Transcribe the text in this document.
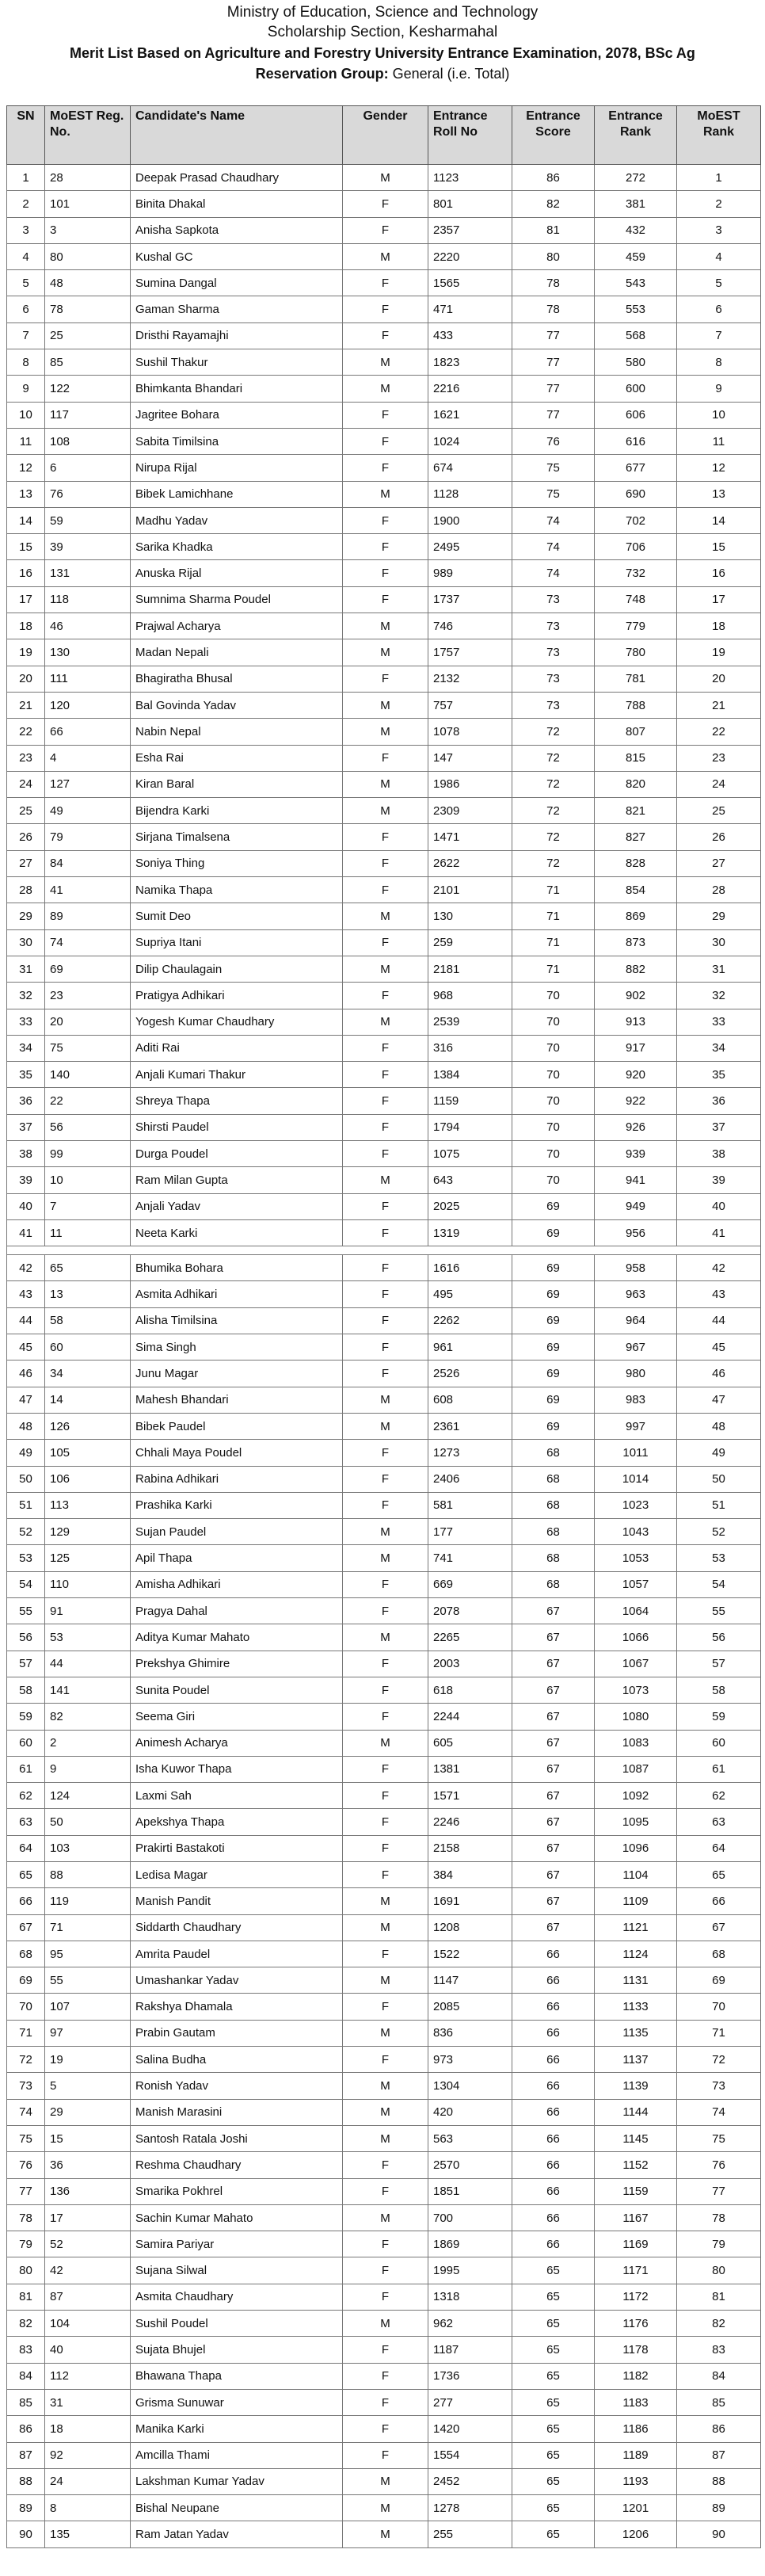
Ministry of Education, Science and Technology
Scholarship Section, Kesharmahal
Merit List Based on Agriculture and Forestry University Entrance Examination, 2078, BSc Ag
Reservation Group: General (i.e. Total)
SN	MoEST Reg. No.	Candidate's Name	Gender	Entrance Roll No	Entrance Score	Entrance Rank	MoEST Rank
1	28	Deepak Prasad Chaudhary	M	1123	86	272	1
2	101	Binita Dhakal	F	801	82	381	2
3	3	Anisha Sapkota	F	2357	81	432	3
4	80	Kushal GC	M	2220	80	459	4
5	48	Sumina Dangal	F	1565	78	543	5
6	78	Gaman Sharma	F	471	78	553	6
7	25	Dristhi Rayamajhi	F	433	77	568	7
8	85	Sushil Thakur	M	1823	77	580	8
9	122	Bhimkanta Bhandari	M	2216	77	600	9
10	117	Jagritee Bohara	F	1621	77	606	10
11	108	Sabita Timilsina	F	1024	76	616	11
12	6	Nirupa Rijal	F	674	75	677	12
13	76	Bibek Lamichhane	M	1128	75	690	13
14	59	Madhu Yadav	F	1900	74	702	14
15	39	Sarika Khadka	F	2495	74	706	15
16	131	Anuska Rijal	F	989	74	732	16
17	118	Sumnima Sharma Poudel	F	1737	73	748	17
18	46	Prajwal Acharya	M	746	73	779	18
19	130	Madan Nepali	M	1757	73	780	19
20	111	Bhagiratha Bhusal	F	2132	73	781	20
21	120	Bal Govinda Yadav	M	757	73	788	21
22	66	Nabin Nepal	M	1078	72	807	22
23	4	Esha Rai	F	147	72	815	23
24	127	Kiran Baral	M	1986	72	820	24
25	49	Bijendra Karki	M	2309	72	821	25
26	79	Sirjana Timalsena	F	1471	72	827	26
27	84	Soniya Thing	F	2622	72	828	27
28	41	Namika Thapa	F	2101	71	854	28
29	89	Sumit Deo	M	130	71	869	29
30	74	Supriya Itani	F	259	71	873	30
31	69	Dilip Chaulagain	M	2181	71	882	31
32	23	Pratigya Adhikari	F	968	70	902	32
33	20	Yogesh Kumar Chaudhary	M	2539	70	913	33
34	75	Aditi Rai	F	316	70	917	34
35	140	Anjali Kumari Thakur	F	1384	70	920	35
36	22	Shreya Thapa	F	1159	70	922	36
37	56	Shirsti Paudel	F	1794	70	926	37
38	99	Durga Poudel	F	1075	70	939	38
39	10	Ram Milan Gupta	M	643	70	941	39
40	7	Anjali Yadav	F	2025	69	949	40
41	11	Neeta Karki	F	1319	69	956	41

42	65	Bhumika Bohara	F	1616	69	958	42
43	13	Asmita Adhikari	F	495	69	963	43
44	58	Alisha Timilsina	F	2262	69	964	44
45	60	Sima Singh	F	961	69	967	45
46	34	Junu Magar	F	2526	69	980	46
47	14	Mahesh Bhandari	M	608	69	983	47
48	126	Bibek Paudel	M	2361	69	997	48
49	105	Chhali Maya Poudel	F	1273	68	1011	49
50	106	Rabina Adhikari	F	2406	68	1014	50
51	113	Prashika Karki	F	581	68	1023	51
52	129	Sujan Paudel	M	177	68	1043	52
53	125	Apil Thapa	M	741	68	1053	53
54	110	Amisha Adhikari	F	669	68	1057	54
55	91	Pragya Dahal	F	2078	67	1064	55
56	53	Aditya Kumar Mahato	M	2265	67	1066	56
57	44	Prekshya Ghimire	F	2003	67	1067	57
58	141	Sunita Poudel	F	618	67	1073	58
59	82	Seema Giri	F	2244	67	1080	59
60	2	Animesh Acharya	M	605	67	1083	60
61	9	Isha Kuwor Thapa	F	1381	67	1087	61
62	124	Laxmi Sah	F	1571	67	1092	62
63	50	Apekshya Thapa	F	2246	67	1095	63
64	103	Prakirti Bastakoti	F	2158	67	1096	64
65	88	Ledisa Magar	F	384	67	1104	65
66	119	Manish Pandit	M	1691	67	1109	66
67	71	Siddarth Chaudhary	M	1208	67	1121	67
68	95	Amrita Paudel	F	1522	66	1124	68
69	55	Umashankar Yadav	M	1147	66	1131	69
70	107	Rakshya Dhamala	F	2085	66	1133	70
71	97	Prabin Gautam	M	836	66	1135	71
72	19	Salina Budha	F	973	66	1137	72
73	5	Ronish Yadav	M	1304	66	1139	73
74	29	Manish Marasini	M	420	66	1144	74
75	15	Santosh Ratala Joshi	M	563	66	1145	75
76	36	Reshma Chaudhary	F	2570	66	1152	76
77	136	Smarika Pokhrel	F	1851	66	1159	77
78	17	Sachin Kumar Mahato	M	700	66	1167	78
79	52	Samira Pariyar	F	1869	66	1169	79
80	42	Sujana Silwal	F	1995	65	1171	80
81	87	Asmita Chaudhary	F	1318	65	1172	81
82	104	Sushil Poudel	M	962	65	1176	82
83	40	Sujata Bhujel	F	1187	65	1178	83
84	112	Bhawana Thapa	F	1736	65	1182	84
85	31	Grisma Sunuwar	F	277	65	1183	85
86	18	Manika Karki	F	1420	65	1186	86
87	92	Amcilla Thami	F	1554	65	1189	87
88	24	Lakshman Kumar Yadav	M	2452	65	1193	88
89	8	Bishal Neupane	M	1278	65	1201	89
90	135	Ram Jatan Yadav	M	255	65	1206	90
